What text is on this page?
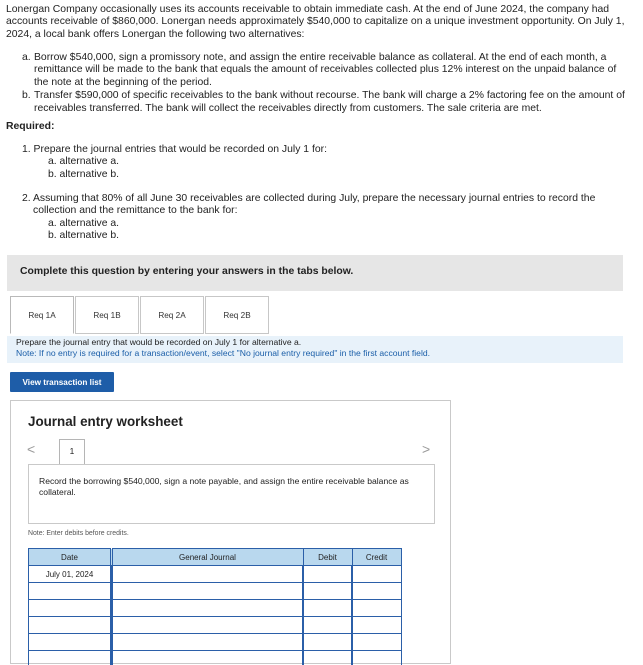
Lonergan Company occasionally uses its accounts receivable to obtain immediate cash. At the end of June 2024, the company had accounts receivable of $860,000. Lonergan needs approximately $540,000 to capitalize on a unique investment opportunity. On July 1, 2024, a local bank offers Lonergan the following two alternatives:
a. Borrow $540,000, sign a promissory note, and assign the entire receivable balance as collateral. At the end of each month, a remittance will be made to the bank that equals the amount of receivables collected plus 12% interest on the unpaid balance of the note at the beginning of the period.
b. Transfer $590,000 of specific receivables to the bank without recourse. The bank will charge a 2% factoring fee on the amount of receivables transferred. The bank will collect the receivables directly from customers. The sale criteria are met.
Required:
1. Prepare the journal entries that would be recorded on July 1 for:
a. alternative a.
b. alternative b.
2. Assuming that 80% of all June 30 receivables are collected during July, prepare the necessary journal entries to record the
collection and the remittance to the bank for:
a. alternative a.
b. alternative b.
Complete this question by entering your answers in the tabs below.
Req 1A	Req 1B	Req 2A	Req 2B
Prepare the journal entry that would be recorded on July 1 for alternative a.
Note: If no entry is required for a transaction/event, select "No journal entry required" in the first account field.
View transaction list
Journal entry worksheet
<	1	>
Record the borrowing $540,000, sign a note payable, and assign the entire receivable balance as collateral.
Note: Enter debits before credits.
Date		General Journal	Debit	Credit
July 01, 2024				
